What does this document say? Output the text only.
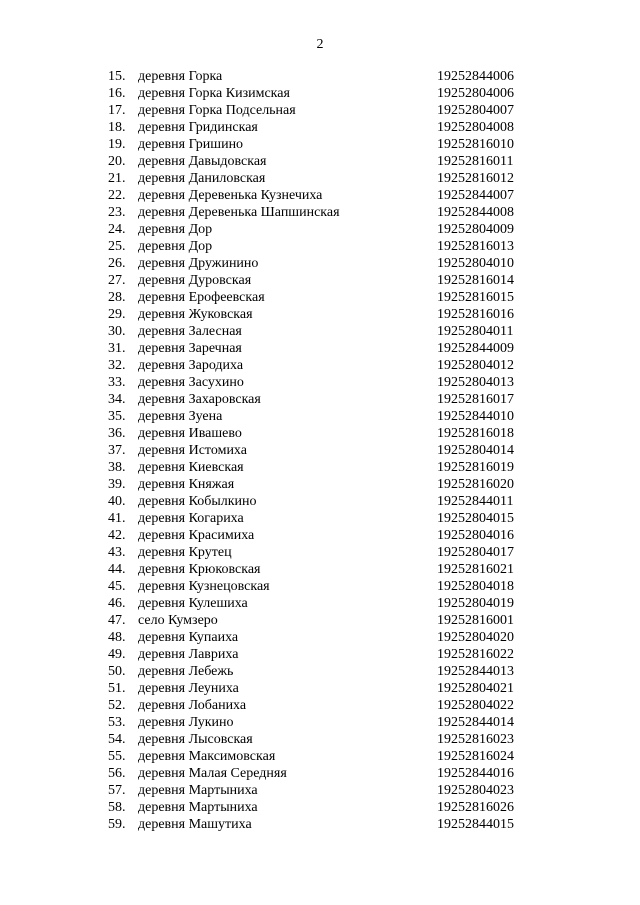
2
15. деревня Горка	19252844006
16. деревня Горка Кизимская	19252804006
17. деревня Горка Подсельная	19252804007
18. деревня Гридинская	19252804008
19. деревня Гришино	19252816010
20. деревня Давыдовская	19252816011
21. деревня Даниловская	19252816012
22. деревня Деревенька Кузнечиха	19252844007
23. деревня Деревенька Шапшинская	19252844008
24. деревня Дор	19252804009
25. деревня Дор	19252816013
26. деревня Дружинино	19252804010
27. деревня Дуровская	19252816014
28. деревня Ерофеевская	19252816015
29. деревня Жуковская	19252816016
30. деревня Залесная	19252804011
31. деревня Заречная	19252844009
32. деревня Зародиха	19252804012
33. деревня Засухино	19252804013
34. деревня Захаровская	19252816017
35. деревня Зуена	19252844010
36. деревня Ивашево	19252816018
37. деревня Истомиха	19252804014
38. деревня Киевская	19252816019
39. деревня Княжая	19252816020
40. деревня Кобылкино	19252844011
41. деревня Когариха	19252804015
42. деревня Красимиха	19252804016
43. деревня Крутец	19252804017
44. деревня Крюковская	19252816021
45. деревня Кузнецовская	19252804018
46. деревня Кулешиха	19252804019
47. село Кумзеро	19252816001
48. деревня Купаиха	19252804020
49. деревня Лавриха	19252816022
50. деревня Лебежь	19252844013
51. деревня Леуниха	19252804021
52. деревня Лобаниха	19252804022
53. деревня Лукино	19252844014
54. деревня Лысовская	19252816023
55. деревня Максимовская	19252816024
56. деревня Малая Середняя	19252844016
57. деревня Мартыниха	19252804023
58. деревня Мартыниха	19252816026
59. деревня Машутиха	19252844015
